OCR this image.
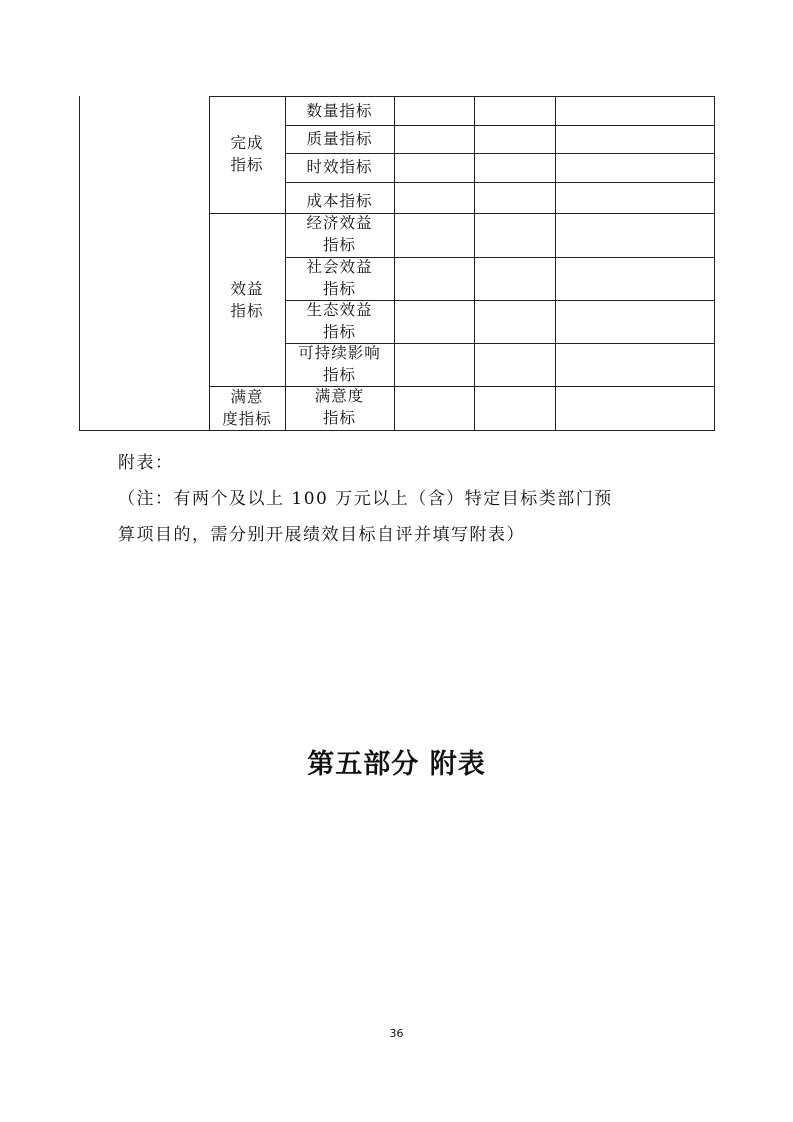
完成
指标
效益
指标
满意
度指标
数量指标
质量指标
时效指标
成本指标
经济效益
指标
社会效益
指标
生态效益
指标
可持续影响
指标
满意度
指标
附表：
（注：有两个及以上 100 万元以上（含）特定目标类部门预
算项目的，需分别开展绩效目标自评并填写附表）
第五部分 附表
36
